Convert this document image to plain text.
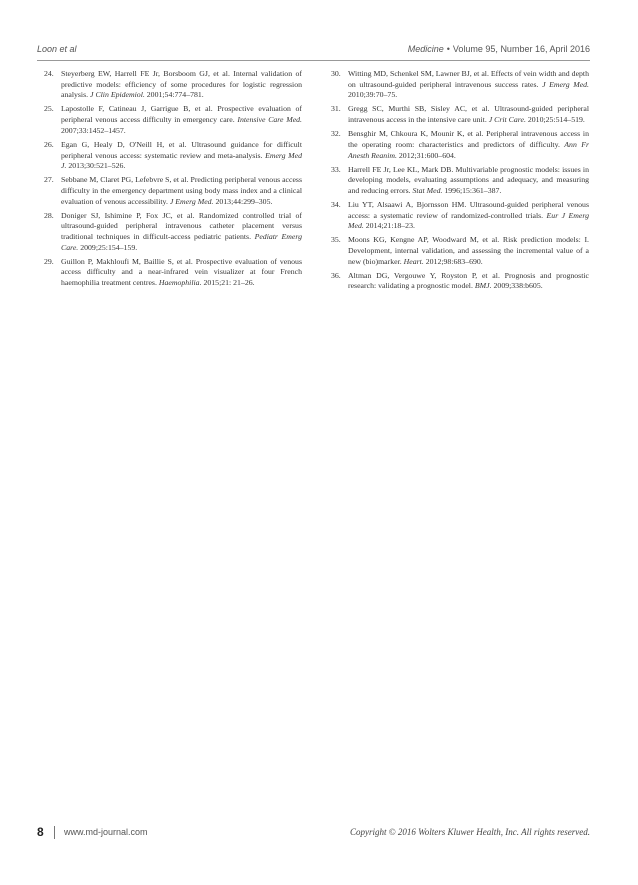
Loon et al	Medicine • Volume 95, Number 16, April 2016
24. Steyerberg EW, Harrell FE Jr, Borsboom GJ, et al. Internal validation of predictive models: efficiency of some procedures for logistic regression analysis. J Clin Epidemiol. 2001;54:774–781.
25. Lapostolle F, Catineau J, Garrigue B, et al. Prospective evaluation of peripheral venous access difficulty in emergency care. Intensive Care Med. 2007;33:1452–1457.
26. Egan G, Healy D, O'Neill H, et al. Ultrasound guidance for difficult peripheral venous access: systematic review and meta-analysis. Emerg Med J. 2013;30:521–526.
27. Sebbane M, Claret PG, Lefebvre S, et al. Predicting peripheral venous access difficulty in the emergency department using body mass index and a clinical evaluation of venous accessibility. J Emerg Med. 2013;44:299–305.
28. Doniger SJ, Ishimine P, Fox JC, et al. Randomized controlled trial of ultrasound-guided peripheral intravenous catheter placement versus traditional techniques in difficult-access pediatric patients. Pediatr Emerg Care. 2009;25:154–159.
29. Guillon P, Makhloufi M, Baillie S, et al. Prospective evaluation of venous access difficulty and a near-infrared vein visualizer at four French haemophilia treatment centres. Haemophilia. 2015;21: 21–26.
30. Witting MD, Schenkel SM, Lawner BJ, et al. Effects of vein width and depth on ultrasound-guided peripheral intravenous success rates. J Emerg Med. 2010;39:70–75.
31. Gregg SC, Murthi SB, Sisley AC, et al. Ultrasound-guided peripheral intravenous access in the intensive care unit. J Crit Care. 2010;25:514–519.
32. Bensghir M, Chkoura K, Mounir K, et al. Peripheral intravenous access in the operating room: characteristics and predictors of difficulty. Ann Fr Anesth Reanim. 2012;31:600–604.
33. Harrell FE Jr, Lee KL, Mark DB. Multivariable prognostic models: issues in developing models, evaluating assumptions and adequacy, and measuring and reducing errors. Stat Med. 1996;15:361–387.
34. Liu YT, Alsaawi A, Bjornsson HM. Ultrasound-guided peripheral venous access: a systematic review of randomized-controlled trials. Eur J Emerg Med. 2014;21:18–23.
35. Moons KG, Kengne AP, Woodward M, et al. Risk prediction models: I. Development, internal validation, and assessing the incremental value of a new (bio)marker. Heart. 2012;98:683–690.
36. Altman DG, Vergouwe Y, Royston P, et al. Prognosis and prognostic research: validating a prognostic model. BMJ. 2009;338:b605.
8 www.md-journal.com	Copyright © 2016 Wolters Kluwer Health, Inc. All rights reserved.
